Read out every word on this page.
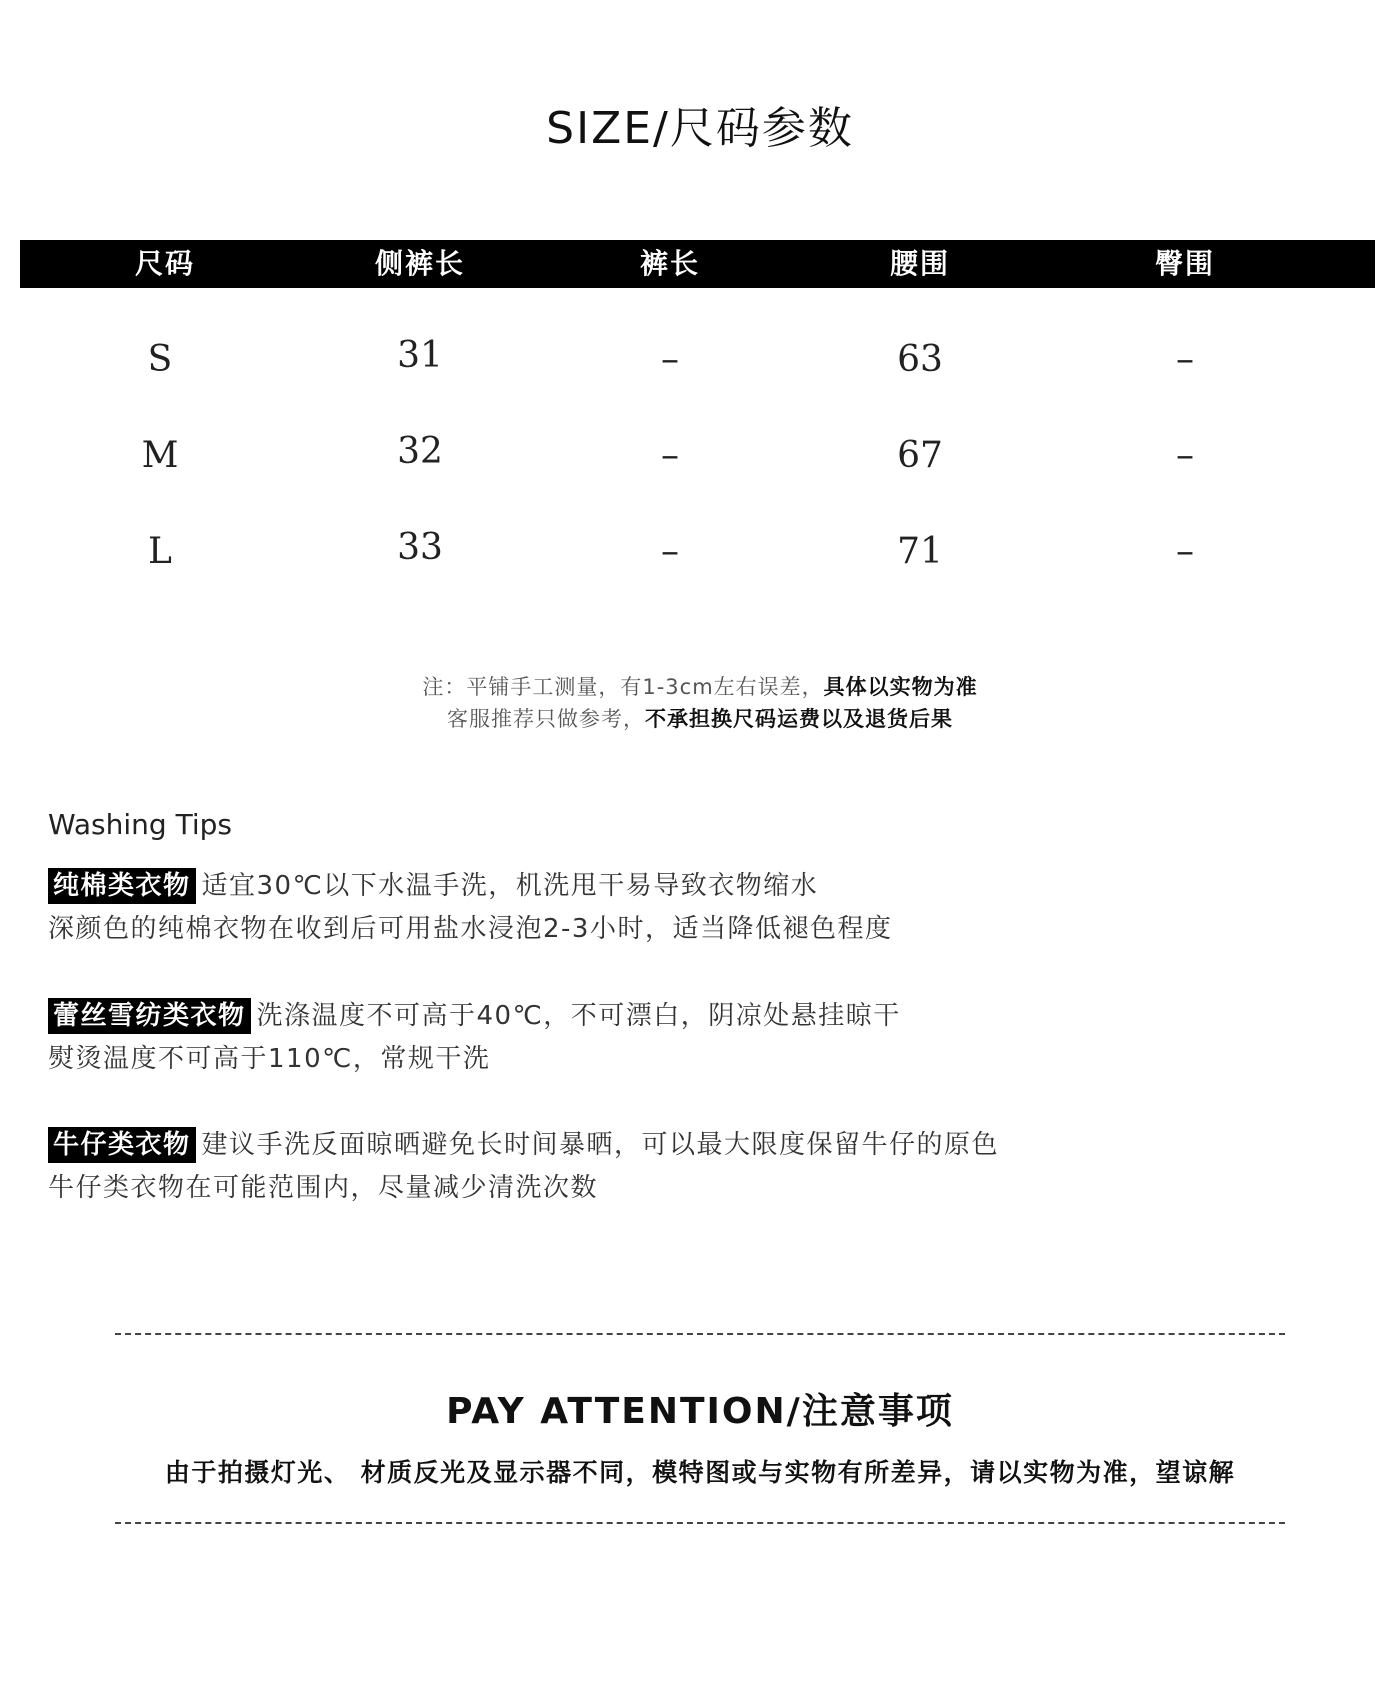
SIZE/尺码参数
尺码	侧裤长	裤长	腰围	臀围
S	31	–	63	–
M	32	–	67	–
L	33	–	71	–
注：平铺手工测量，有1-3cm左右误差，具体以实物为准
客服推荐只做参考，不承担换尺码运费以及退货后果
Washing Tips
纯棉类衣物 适宜30℃以下水温手洗，机洗甩干易导致衣物缩水
深颜色的纯棉衣物在收到后可用盐水浸泡2-3小时，适当降低褪色程度
蕾丝雪纺类衣物 洗涤温度不可高于40℃，不可漂白，阴凉处悬挂晾干
熨烫温度不可高于110℃，常规干洗
牛仔类衣物 建议手洗反面晾晒避免长时间暴晒，可以最大限度保留牛仔的原色
牛仔类衣物在可能范围内，尽量减少清洗次数
PAY ATTENTION/注意事项
由于拍摄灯光、 材质反光及显示器不同，模特图或与实物有所差异，请以实物为准，望谅解
